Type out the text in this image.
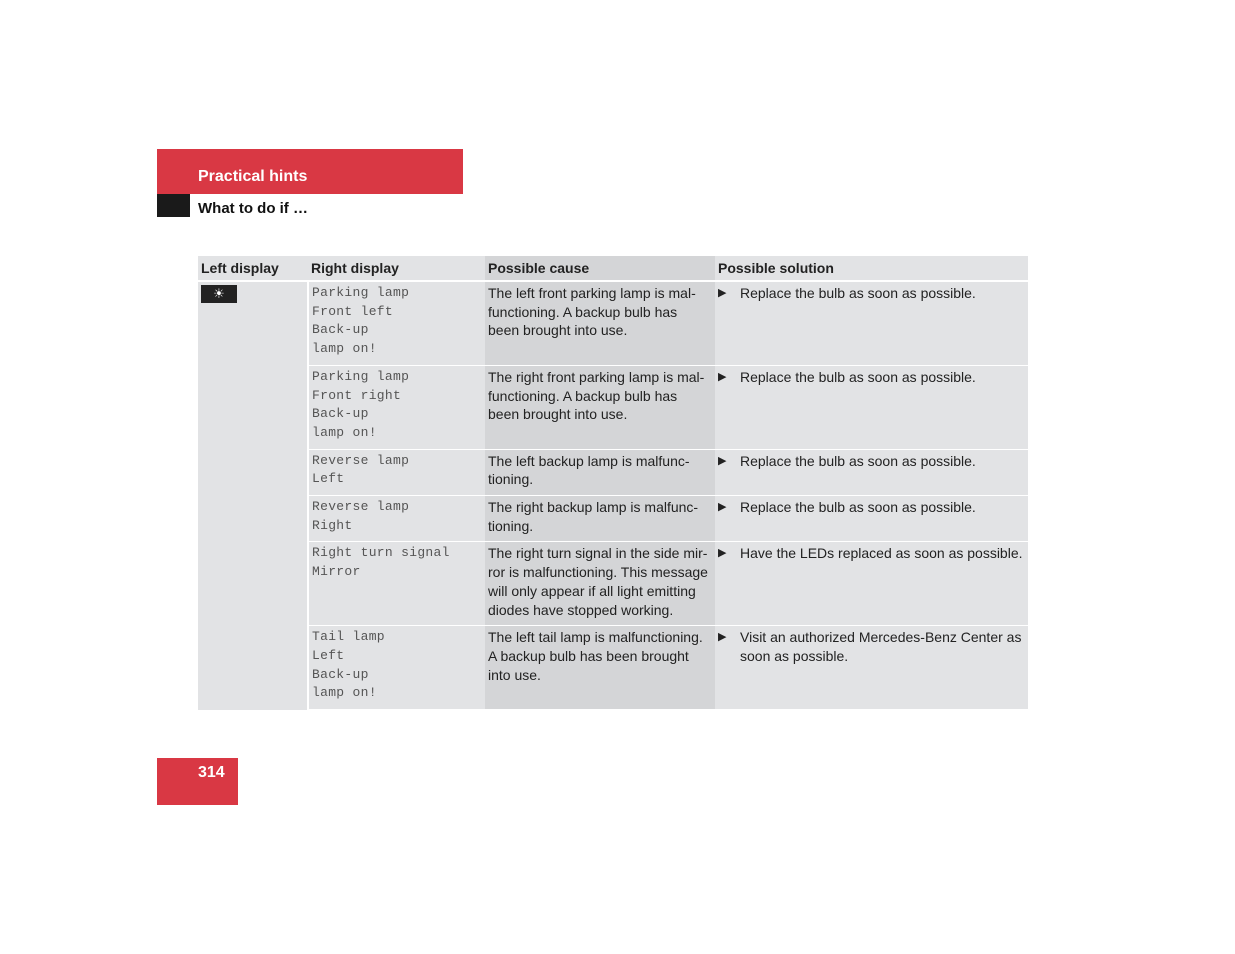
Practical hints
What to do if …
Left display	Right display	Possible cause	Possible solution
☀	Parking lamp
Front left
Back-up
lamp on!	The left front parking lamp is mal-functioning. A backup bulb has been brought into use.	▶ Replace the bulb as soon as possible.

	Parking lamp
Front right
Back-up
lamp on!	The right front parking lamp is mal-functioning. A backup bulb has been brought into use.	▶ Replace the bulb as soon as possible.

	Reverse lamp
Left	The left backup lamp is malfunc-tioning.	▶ Replace the bulb as soon as possible.

	Reverse lamp
Right	The right backup lamp is malfunc-tioning.	▶ Replace the bulb as soon as possible.

	Right turn signal
Mirror	The right turn signal in the side mir-ror is malfunctioning. This message will only appear if all light emitting diodes have stopped working.	▶ Have the LEDs replaced as soon as possible.

	Tail lamp
Left
Back-up
lamp on!	The left tail lamp is malfunctioning. A backup bulb has been brought into use.	▶ Visit an authorized Mercedes-Benz Center as soon as possible.
314
